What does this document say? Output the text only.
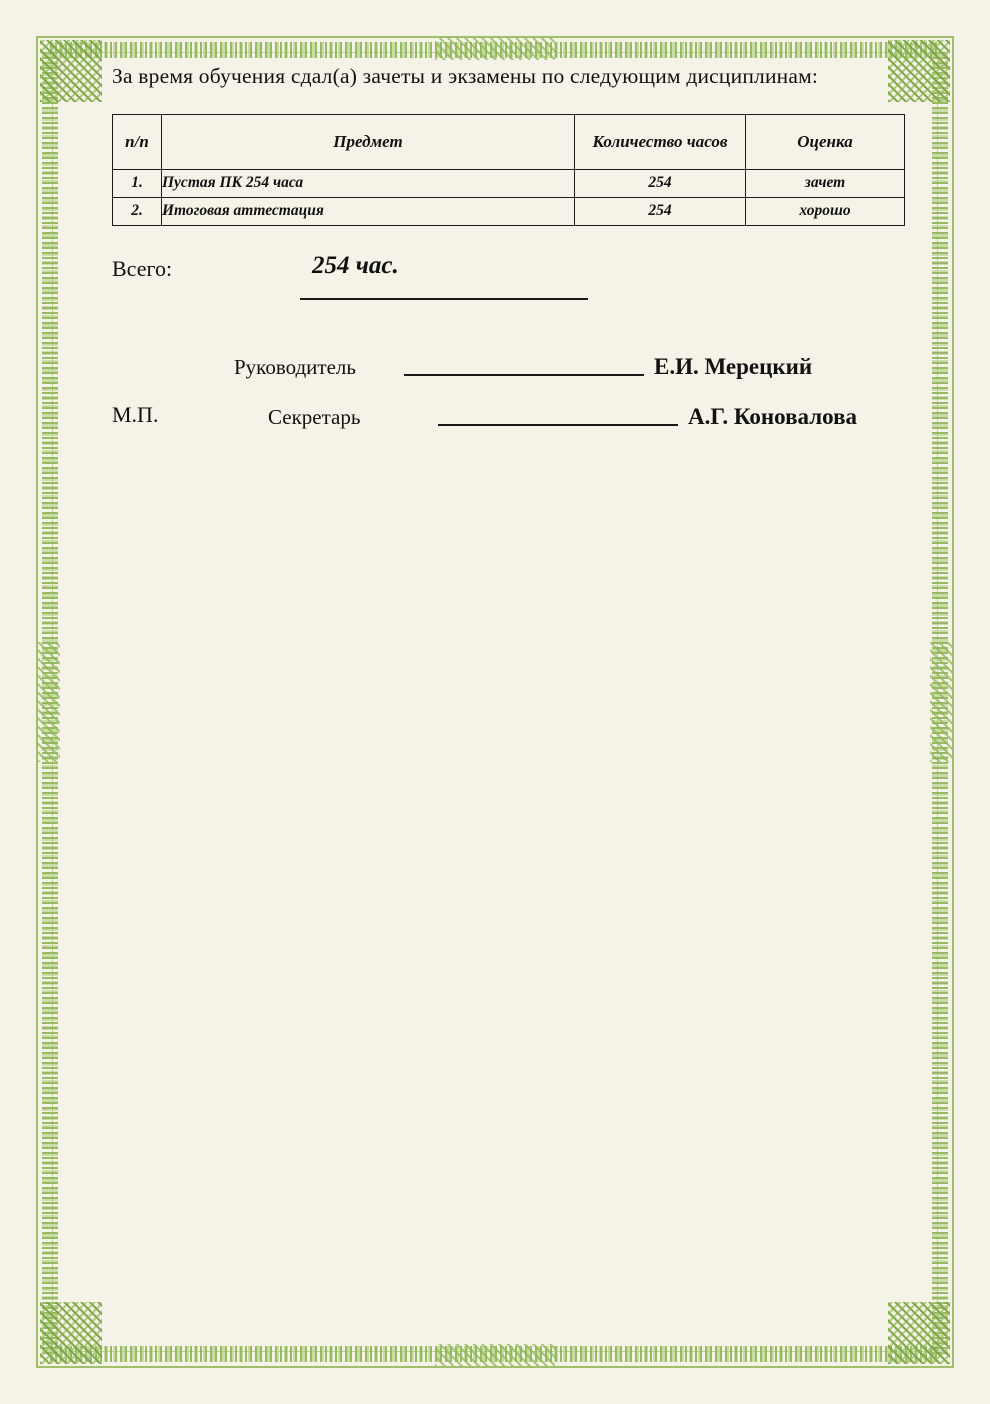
За время обучения сдал(а) зачеты и экзамены по следующим дисциплинам:

п/п	Предмет	Количество часов	Оценка
1.	Пустая ПК 254 часа	254	зачет
2.	Итоговая аттестация	254	хорошо
Всего:	254 час.
Руководитель	Е.И. Мерецкий
М.П.	Секретарь	А.Г. Коновалова
